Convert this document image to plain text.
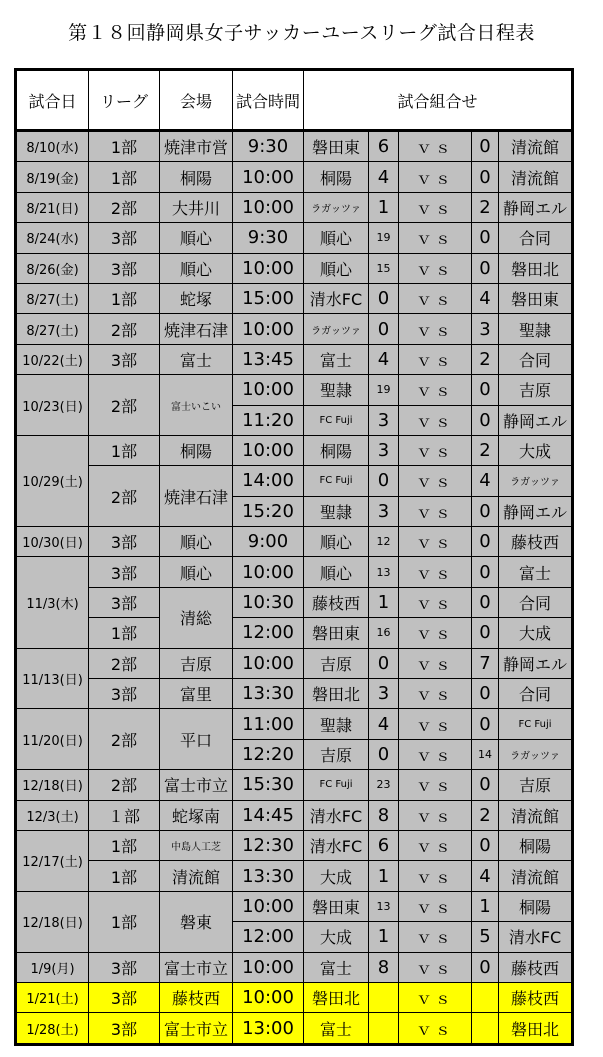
第１８回静岡県女子サッカーユースリーグ試合日程表
試合日	リーグ	会場	試合時間	試合組合せ				
8/10(水)	1部	焼津市営	9:30	磐田東	6	ｖｓ	0	清流館
8/19(金)	1部	桐陽	10:00	桐陽	4	ｖｓ	0	清流館
8/21(日)	2部	大井川	10:00	ラガッツァ	1	ｖｓ	2	静岡エル
8/24(水)	3部	順心	9:30	順心	19	ｖｓ	0	合同
8/26(金)	3部	順心	10:00	順心	15	ｖｓ	0	磐田北
8/27(土)	1部	蛇塚	15:00	清水FC	0	ｖｓ	4	磐田東
8/27(土)	2部	焼津石津	10:00	ラガッツァ	0	ｖｓ	3	聖隷
10/22(土)	3部	富士	13:45	富士	4	ｖｓ	2	合同
10/23(日)	2部	富士いこい	10:00	聖隷	19	ｖｓ	0	吉原
			11:20	FC Fuji	3	ｖｓ	0	静岡エル
10/29(土)	1部	桐陽	10:00	桐陽	3	ｖｓ	2	大成
	2部	焼津石津	14:00	FC Fuji	0	ｖｓ	4	ラガッツァ
			15:20	聖隷	3	ｖｓ	0	静岡エル
10/30(日)	3部	順心	9:00	順心	12	ｖｓ	0	藤枝西
11/3(木)	3部	順心	10:00	順心	13	ｖｓ	0	富士
	3部	清総	10:30	藤枝西	1	ｖｓ	0	合同
	1部		12:00	磐田東	16	ｖｓ	0	大成
11/13(日)	2部	吉原	10:00	吉原	0	ｖｓ	7	静岡エル
	3部	富里	13:30	磐田北	3	ｖｓ	0	合同
11/20(日)	2部	平口	11:00	聖隷	4	ｖｓ	0	FC Fuji
			12:20	吉原	0	ｖｓ	14	ラガッツァ
12/18(日)	2部	富士市立	15:30	FC Fuji	23	ｖｓ	0	吉原
12/3(土)	１部	蛇塚南	14:45	清水FC	8	ｖｓ	2	清流館
12/17(土)	1部	中島人工芝	12:30	清水FC	6	ｖｓ	0	桐陽
	1部	清流館	13:30	大成	1	ｖｓ	4	清流館
12/18(日)	1部	磐東	10:00	磐田東	13	ｖｓ	1	桐陽
			12:00	大成	1	ｖｓ	5	清水FC
1/9(月)	3部	富士市立	10:00	富士	8	ｖｓ	0	藤枝西
1/21(土)	3部	藤枝西	10:00	磐田北		ｖｓ		藤枝西
1/28(土)	3部	富士市立	13:00	富士		ｖｓ		磐田北
